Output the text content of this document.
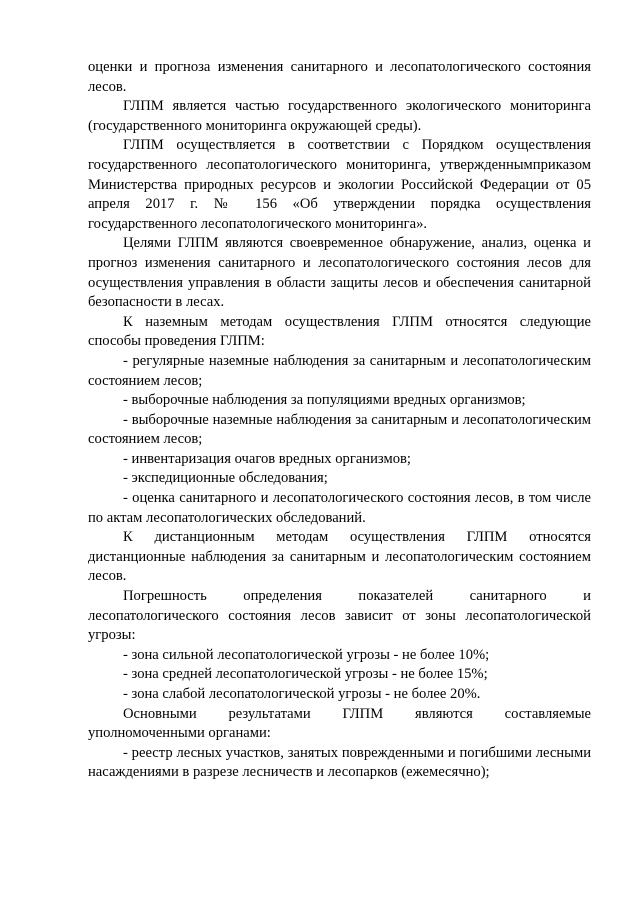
оценки и прогноза изменения санитарного и лесопатологического состояния лесов.

ГЛПМ является частью государственного экологического мониторинга (государственного мониторинга окружающей среды).

ГЛПМ осуществляется в соответствии с Порядком осуществления государственного лесопатологического мониторинга, утвержденнымприказом Министерства природных ресурсов и экологии Российской Федерации от 05 апреля 2017 г. № 156 «Об утверждении порядка осуществления государственного лесопатологического мониторинга».

Целями ГЛПМ являются своевременное обнаружение, анализ, оценка и прогноз изменения санитарного и лесопатологического состояния лесов для осуществления управления в области защиты лесов и обеспечения санитарной безопасности в лесах.

К наземным методам осуществления ГЛПМ относятся следующие способы проведения ГЛПМ:

- регулярные наземные наблюдения за санитарным и лесопатологическим состоянием лесов;

- выборочные наблюдения за популяциями вредных организмов;

- выборочные наземные наблюдения за санитарным и лесопатологическим состоянием лесов;

- инвентаризация очагов вредных организмов;

- экспедиционные обследования;

- оценка санитарного и лесопатологического состояния лесов, в том числе по актам лесопатологических обследований.

К дистанционным методам осуществления ГЛПМ относятся дистанционные наблюдения за санитарным и лесопатологическим состоянием лесов.

Погрешность определения показателей санитарного и лесопатологического состояния лесов зависит от зоны лесопатологической угрозы:

- зона сильной лесопатологической угрозы - не более 10%;

- зона средней лесопатологической угрозы - не более 15%;

- зона слабой лесопатологической угрозы - не более 20%.

Основными результатами ГЛПМ являются составляемые уполномоченными органами:

- реестр лесных участков, занятых поврежденными и погибшими лесными насаждениями в разрезе лесничеств и лесопарков (ежемесячно);
